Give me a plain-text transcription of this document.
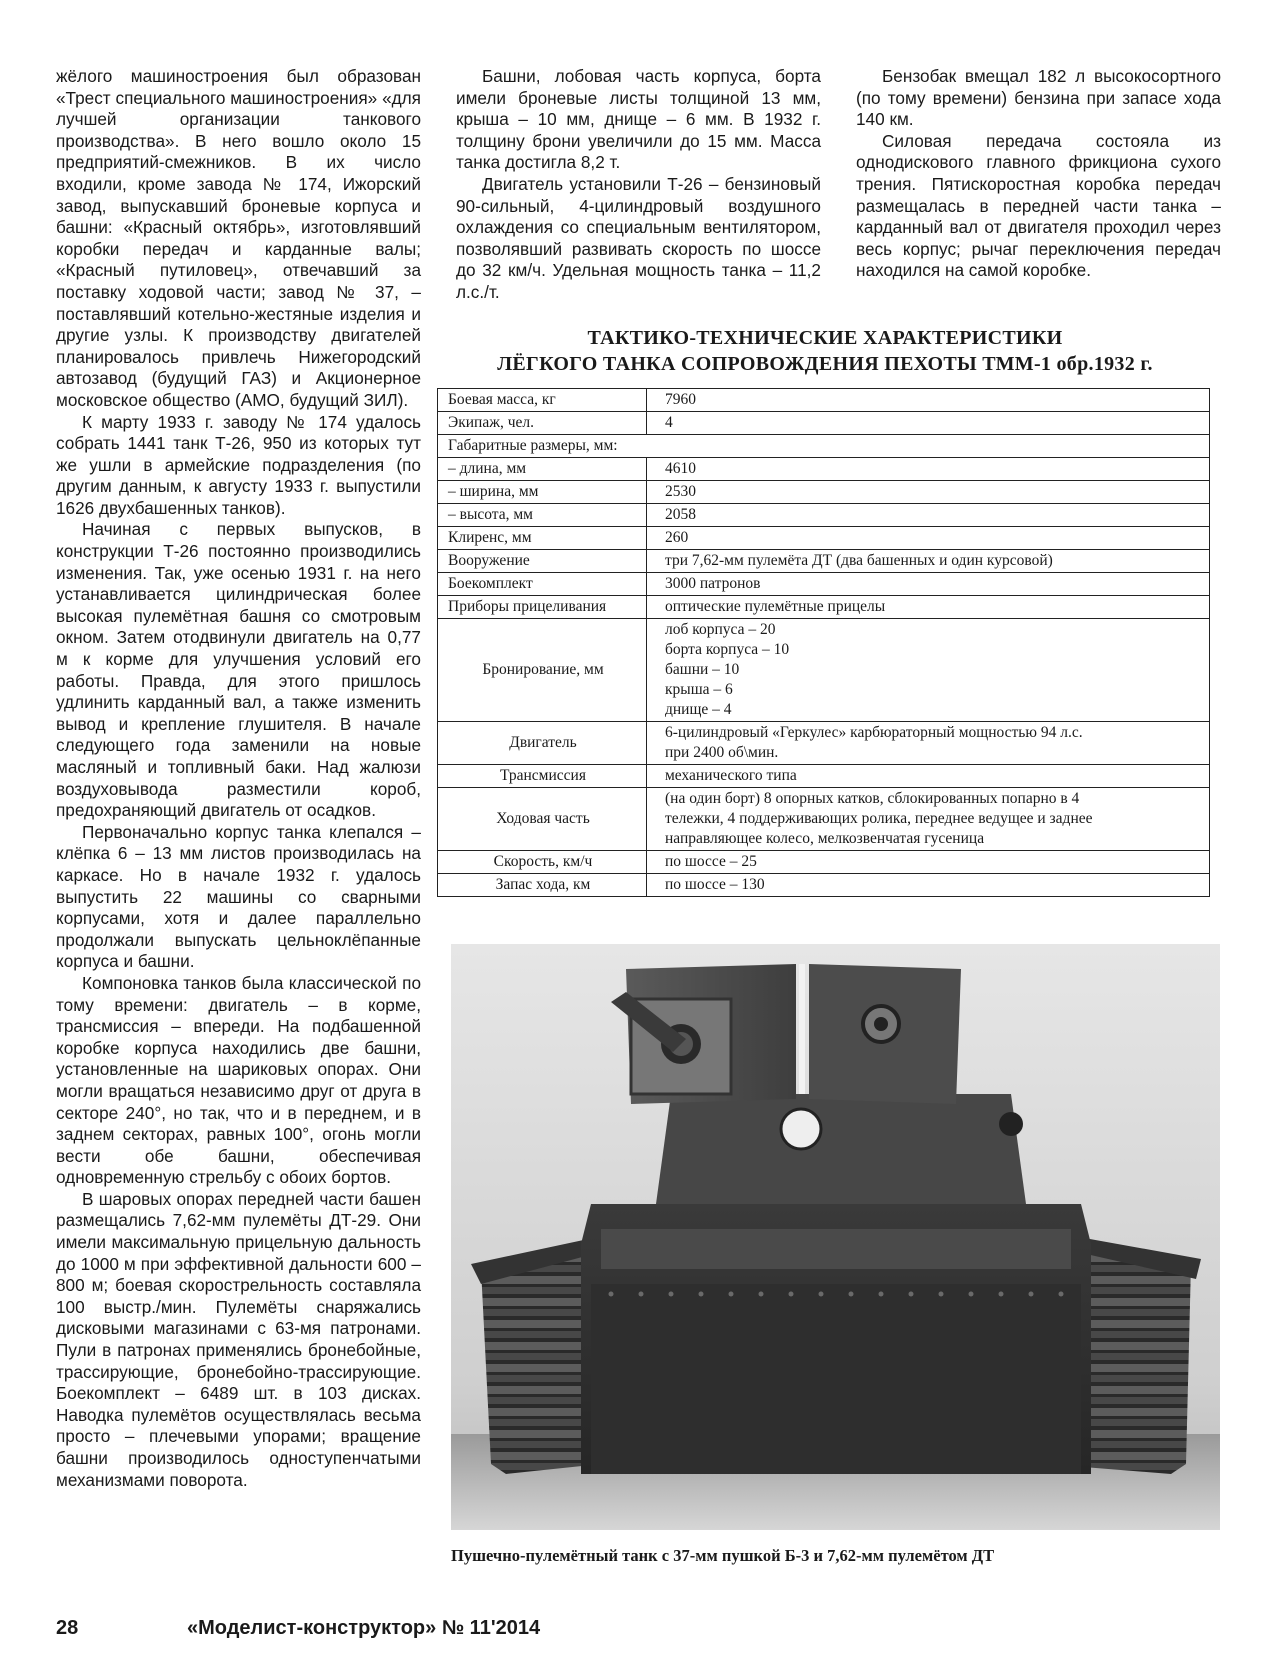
жёлого машиностроения был образован «Трест специального машиностроения» «для лучшей организации танкового производства». В него вошло около 15 предприятий-смежников. В их число входили, кроме завода № 174, Ижорский завод, выпускавший броневые корпуса и башни: «Красный октябрь», изготовлявший коробки передач и карданные валы; «Красный путиловец», отвечавший за поставку ходовой части; завод № 37, – поставлявший котельно-жестяные изделия и другие узлы. К производству двигателей планировалось привлечь Нижегородский автозавод (будущий ГАЗ) и Акционерное московское общество (АМО, будущий ЗИЛ).

К марту 1933 г. заводу № 174 удалось собрать 1441 танк Т-26, 950 из которых тут же ушли в армейские подразделения (по другим данным, к августу 1933 г. выпустили 1626 двухбашенных танков).

Начиная с первых выпусков, в конструкции Т-26 постоянно производились изменения. Так, уже осенью 1931 г. на него устанавливается цилиндрическая более высокая пулемётная башня со смотровым окном. Затем отодвинули двигатель на 0,77 м к корме для улучшения условий его работы. Правда, для этого пришлось удлинить карданный вал, а также изменить вывод и крепление глушителя. В начале следующего года заменили на новые масляный и топливный баки. Над жалюзи воздуховывода разместили короб, предохраняющий двигатель от осадков.

Первоначально корпус танка клепался – клёпка 6 – 13 мм листов производилась на каркасе. Но в начале 1932 г. удалось выпустить 22 машины со сварными корпусами, хотя и далее параллельно продолжали выпускать цельноклёпанные корпуса и башни.

Компоновка танков была классической по тому времени: двигатель – в корме, трансмиссия – впереди. На подбашенной коробке корпуса находились две башни, установленные на шариковых опорах. Они могли вращаться независимо друг от друга в секторе 240°, но так, что и в переднем, и в заднем секторах, равных 100°, огонь могли вести обе башни, обеспечивая одновременную стрельбу с обоих бортов.

В шаровых опорах передней части башен размещались 7,62-мм пулемёты ДТ-29. Они имели максимальную прицельную дальность до 1000 м при эффективной дальности 600 – 800 м; боевая скорострельность составляла 100 выстр./мин. Пулемёты снаряжались дисковыми магазинами с 63-мя патронами. Пули в патронах применялись бронебойные, трассирующие, бронебойно-трассирующие. Боекомплект – 6489 шт. в 103 дисках. Наводка пулемётов осуществлялась весьма просто – плечевыми упорами; вращение башни производилось одноступенчатыми механизмами поворота.

Башни, лобовая часть корпуса, борта имели броневые листы толщиной 13 мм, крыша – 10 мм, днище – 6 мм. В 1932 г. толщину брони увеличили до 15 мм. Масса танка достигла 8,2 т.

Двигатель установили Т-26 – бензиновый 90-сильный, 4-цилиндровый воздушного охлаждения со специальным вентилятором, позволявший развивать скорость по шоссе до 32 км/ч. Удельная мощность танка – 11,2 л.с./т.

Бензобак вмещал 182 л высокосортного (по тому времени) бензина при запасе хода 140 км.

Силовая передача состояла из однодискового главного фрикциона сухого трения. Пятискоростная коробка передач размещалась в передней части танка – карданный вал от двигателя проходил через весь корпус; рычаг переключения передач находился на самой коробке.

ТАКТИКО-ТЕХНИЧЕСКИЕ ХАРАКТЕРИСТИКИ
ЛЁГКОГО ТАНКА СОПРОВОЖДЕНИЯ ПЕХОТЫ ТММ-1 обр.1932 г.
Боевая масса, кг	7960
Экипаж, чел.	4
Габаритные размеры, мм:	
– длина, мм	4610
– ширина, мм	2530
– высота, мм	2058
Клиренс, мм	260
Вооружение	три 7,62-мм пулемёта ДТ (два башенных и один курсовой)
Боекомплект	3000 патронов
Приборы прицеливания	оптические пулемётные прицелы
Бронирование, мм	лоб корпуса – 20
борта корпуса – 10
башни – 10
крыша – 6
днище – 4

Двигатель	6-цилиндровый «Геркулес» карбюраторный мощностью 94 л.с.
при 2400 об\мин.

Трансмиссия	механического типа
Ходовая часть	(на один борт) 8 опорных катков, сблокированных попарно в 4
тележки, 4 поддерживающих ролика, переднее ведущее и заднее
направляющее колесо, мелкозвенчатая гусеница

Скорость, км/ч	по шоссе – 25
Запас хода, км	по шоссе – 130
Пушечно-пулемётный танк с 37-мм пушкой Б-3 и 7,62-мм пулемётом ДТ
28	«Моделист-конструктор» № 11'2014
